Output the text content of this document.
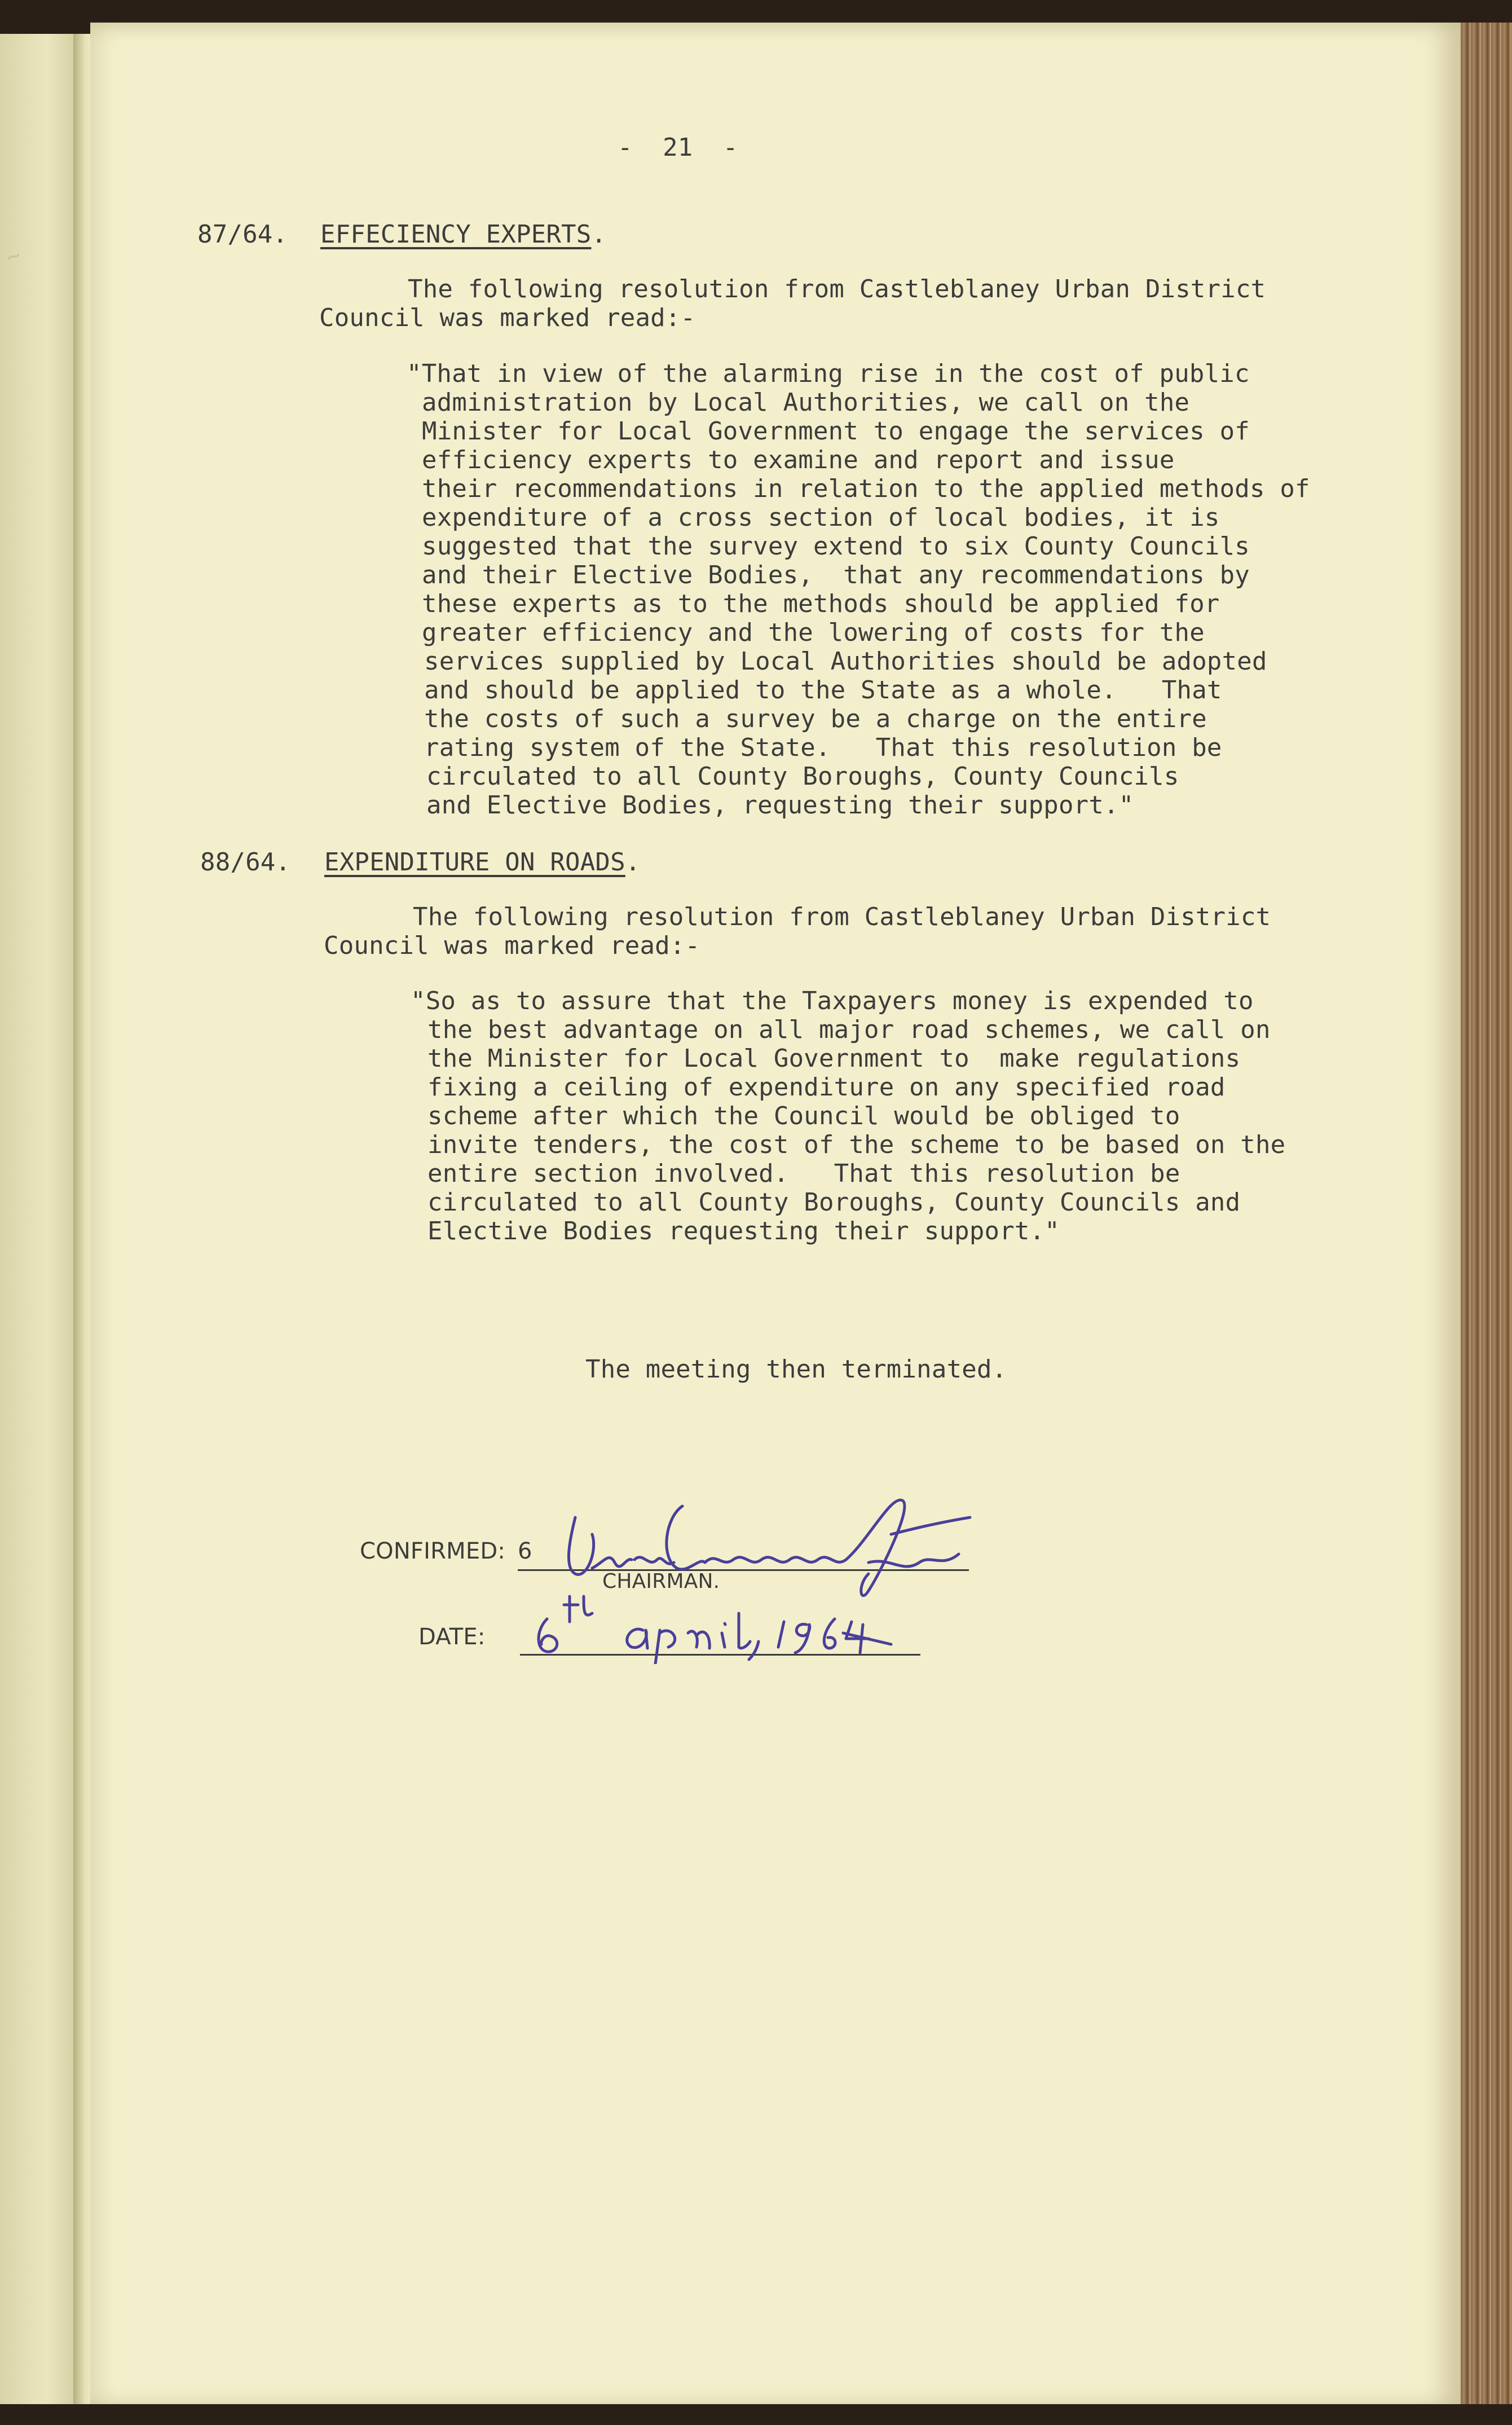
~
-  21  -
87/64. EFFECIENCY EXPERTS.
The following resolution from Castleblaney Urban District
Council was marked read:-
"That in view of the alarming rise in the cost of public
administration by Local Authorities, we call on the
Minister for Local Government to engage the services of
efficiency experts to examine and report and issue
their recommendations in relation to the applied methods of
expenditure of a cross section of local bodies, it is
suggested that the survey extend to six County Councils
and their Elective Bodies,  that any recommendations by
these experts as to the methods should be applied for
greater efficiency and the lowering of costs for the
services supplied by Local Authorities should be adopted
and should be applied to the State as a whole.   That
the costs of such a survey be a charge on the entire
rating system of the State.   That this resolution be
circulated to all County Boroughs, County Councils
and Elective Bodies, requesting their support."
88/64. EXPENDITURE ON ROADS.
The following resolution from Castleblaney Urban District
Council was marked read:-
"So as to assure that the Taxpayers money is expended to
the best advantage on all major road schemes, we call on
the Minister for Local Government to  make regulations
fixing a ceiling of expenditure on any specified road
scheme after which the Council would be obliged to
invite tenders, the cost of the scheme to be based on the
entire section involved.   That this resolution be
circulated to all County Boroughs, County Councils and
Elective Bodies requesting their support."
The meeting then terminated.
CONFIRMED: 6
CHAIRMAN.
DATE:
